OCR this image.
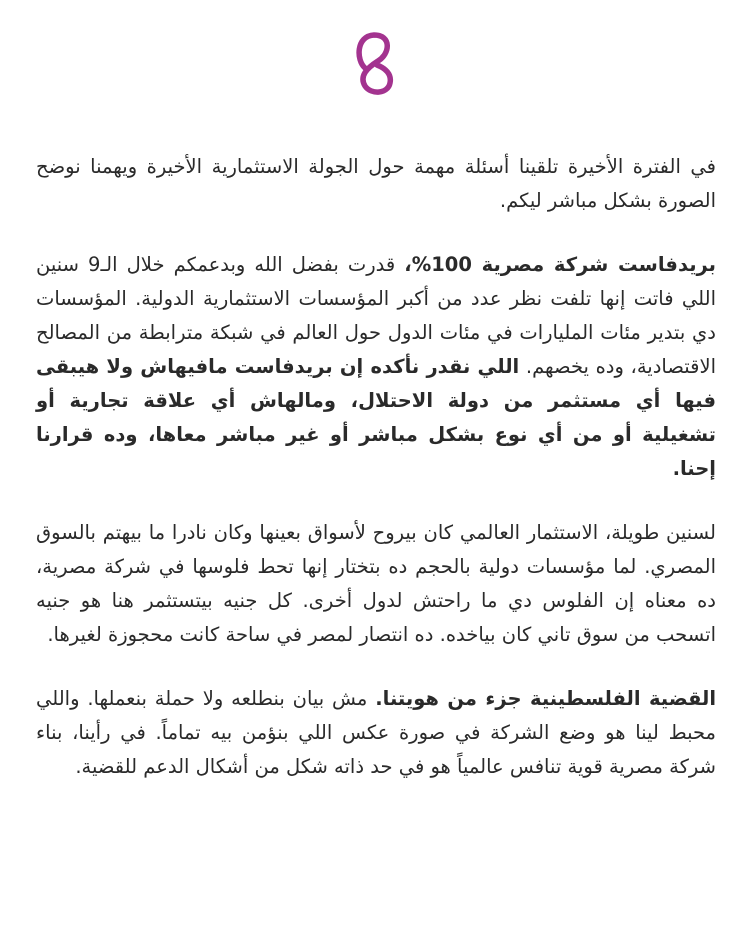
في الفترة الأخيرة تلقينا أسئلة مهمة حول الجولة الاستثمارية الأخيرة ويهمنا نوضح الصورة بشكل مباشر ليكم.

بريدفاست شركة مصرية 100%، قدرت بفضل الله وبدعمكم خلال الـ9 سنين اللي فاتت إنها تلفت نظر عدد من أكبر المؤسسات الاستثمارية الدولية. المؤسسات دي بتدير مئات المليارات في مئات الدول حول العالم في شبكة مترابطة من المصالح الاقتصادية، وده يخصهم. اللي نقدر نأكده إن بريدفاست مافيهاش ولا هيبقى فيها أي مستثمر من دولة الاحتلال، ومالهاش أي علاقة تجارية أو تشغيلية أو من أي نوع بشكل مباشر أو غير مباشر معاها، وده قرارنا إحنا.

لسنين طويلة، الاستثمار العالمي كان بيروح لأسواق بعينها وكان نادرا ما بيهتم بالسوق المصري. لما مؤسسات دولية بالحجم ده بتختار إنها تحط فلوسها في شركة مصرية، ده معناه إن الفلوس دي ما راحتش لدول أخرى. كل جنيه بيتستثمر هنا هو جنيه اتسحب من سوق تاني كان بياخده. ده انتصار لمصر في ساحة كانت محجوزة لغيرها.

القضية الفلسطينية جزء من هويتنا. مش بيان بنطلعه ولا حملة بنعملها. واللي محبط لينا هو وضع الشركة في صورة عكس اللي بنؤمن بيه تماماً. في رأينا، بناء شركة مصرية قوية تنافس عالمياً هو في حد ذاته شكل من أشكال الدعم للقضية.
